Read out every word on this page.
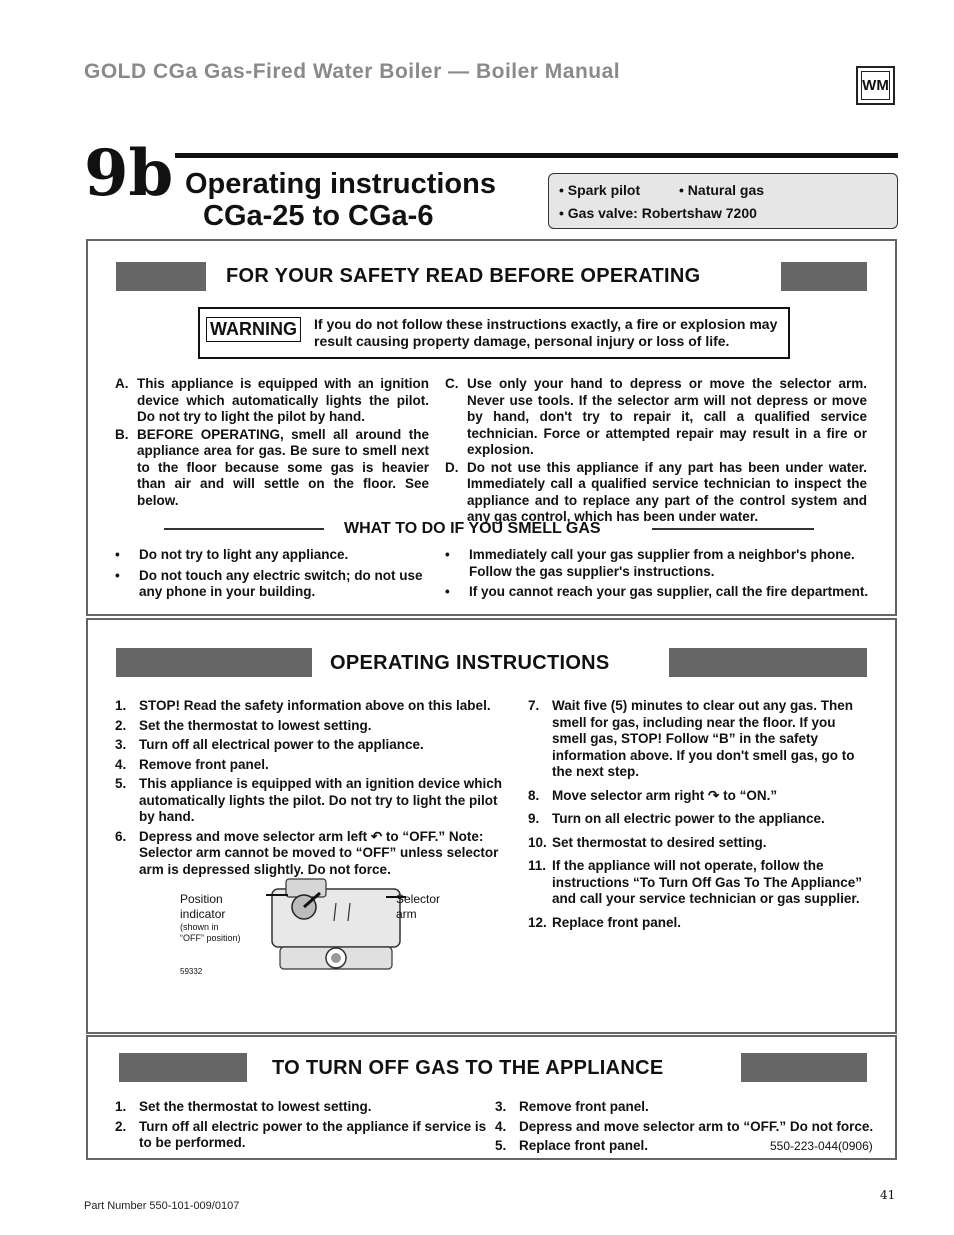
GOLD CGa Gas-Fired Water Boiler — Boiler Manual
WM
9b Operating instructions
CGa-25 to CGa-6
• Spark pilot	• Natural gas
• Gas valve: Robertshaw 7200
FOR YOUR SAFETY READ BEFORE OPERATING
WARNING If you do not follow these instructions exactly, a fire or explosion may result causing property damage, personal injury or loss of life.
A. This appliance is equipped with an ignition device which automatically lights the pilot. Do not try to light the pilot by hand.
B. BEFORE OPERATING, smell all around the appliance area for gas. Be sure to smell next to the floor because some gas is heavier than air and will settle on the floor. See below.
C. Use only your hand to depress or move the selector arm. Never use tools. If the selector arm will not depress or move by hand, don't try to repair it, call a qualified service technician. Force or attempted repair may result in a fire or explosion.
D. Do not use this appliance if any part has been under water. Immediately call a qualified service technician to inspect the appliance and to replace any part of the control system and any gas control, which has been under water.
WHAT TO DO IF YOU SMELL GAS
•	Do not try to light any appliance.
•	Do not touch any electric switch; do not use any phone in your building.
•	Immediately call your gas supplier from a neighbor's phone. Follow the gas supplier's instructions.
•	If you cannot reach your gas supplier, call the fire department.
OPERATING INSTRUCTIONS
1. STOP! Read the safety information above on this label.
2. Set the thermostat to lowest setting.
3. Turn off all electrical power to the appliance.
4. Remove front panel.
5. This appliance is equipped with an ignition device which automatically lights the pilot. Do not try to light the pilot by hand.
6. Depress and move selector arm left ↶ to “OFF.” Note: Selector arm cannot be moved to “OFF” unless selector arm is depressed slightly. Do not force.
7. Wait five (5) minutes to clear out any gas. Then smell for gas, including near the floor. If you smell gas, STOP! Follow “B” in the safety information above. If you don't smell gas, go to the next step.
8. Move selector arm right ↷ to “ON.”
9. Turn on all electric power to the appliance.
10. Set thermostat to desired setting.
11. If the appliance will not operate, follow the instructions “To Turn Off Gas To The Appliance” and call your service technician or gas supplier.
12. Replace front panel.
Position
indicator
(shown in
“OFF” position)
Selector
arm
59332
TO TURN OFF GAS TO THE APPLIANCE
1. Set the thermostat to lowest setting.
2. Turn off all electric power to the appliance if service is to be performed.
3. Remove front panel.
4. Depress and move selector arm to “OFF.” Do not force.
5. Replace front panel.	550-223-044(0906)
41
Part Number 550-101-009/0107
